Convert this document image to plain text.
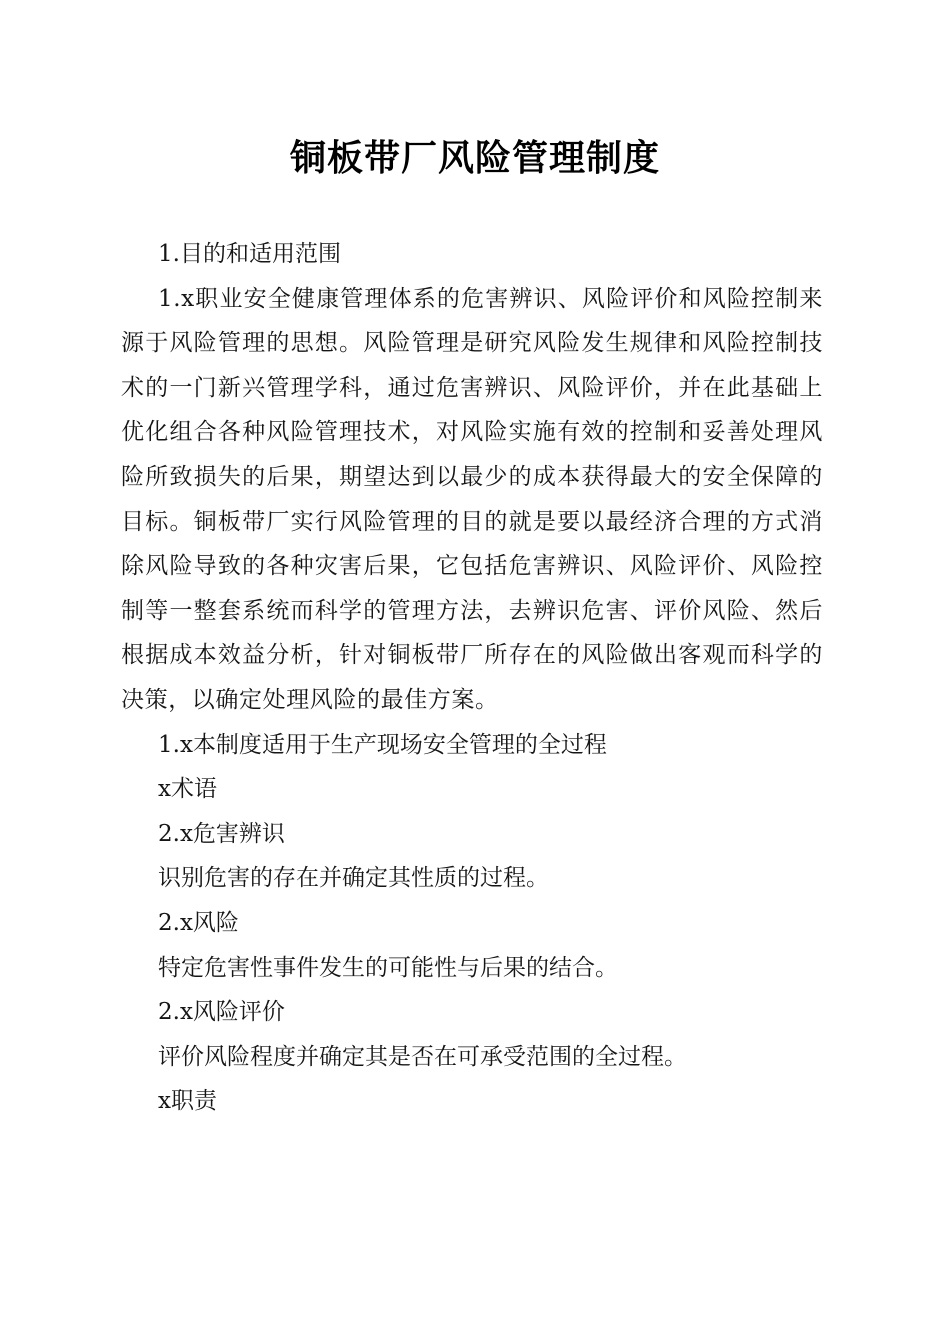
铜板带厂风险管理制度

1.目的和适用范围

1.x职业安全健康管理体系的危害辨识、风险评价和风险控制来源于风险管理的思想。风险管理是研究风险发生规律和风险控制技术的一门新兴管理学科，通过危害辨识、风险评价，并在此基础上优化组合各种风险管理技术，对风险实施有效的控制和妥善处理风险所致损失的后果，期望达到以最少的成本获得最大的安全保障的目标。铜板带厂实行风险管理的目的就是要以最经济合理的方式消除风险导致的各种灾害后果，它包括危害辨识、风险评价、风险控制等一整套系统而科学的管理方法，去辨识危害、评价风险、然后根据成本效益分析，针对铜板带厂所存在的风险做出客观而科学的决策，以确定处理风险的最佳方案。

1.x本制度适用于生产现场安全管理的全过程

x术语

2.x危害辨识

识别危害的存在并确定其性质的过程。

2.x风险

特定危害性事件发生的可能性与后果的结合。

2.x风险评价

评价风险程度并确定其是否在可承受范围的全过程。

x职责
